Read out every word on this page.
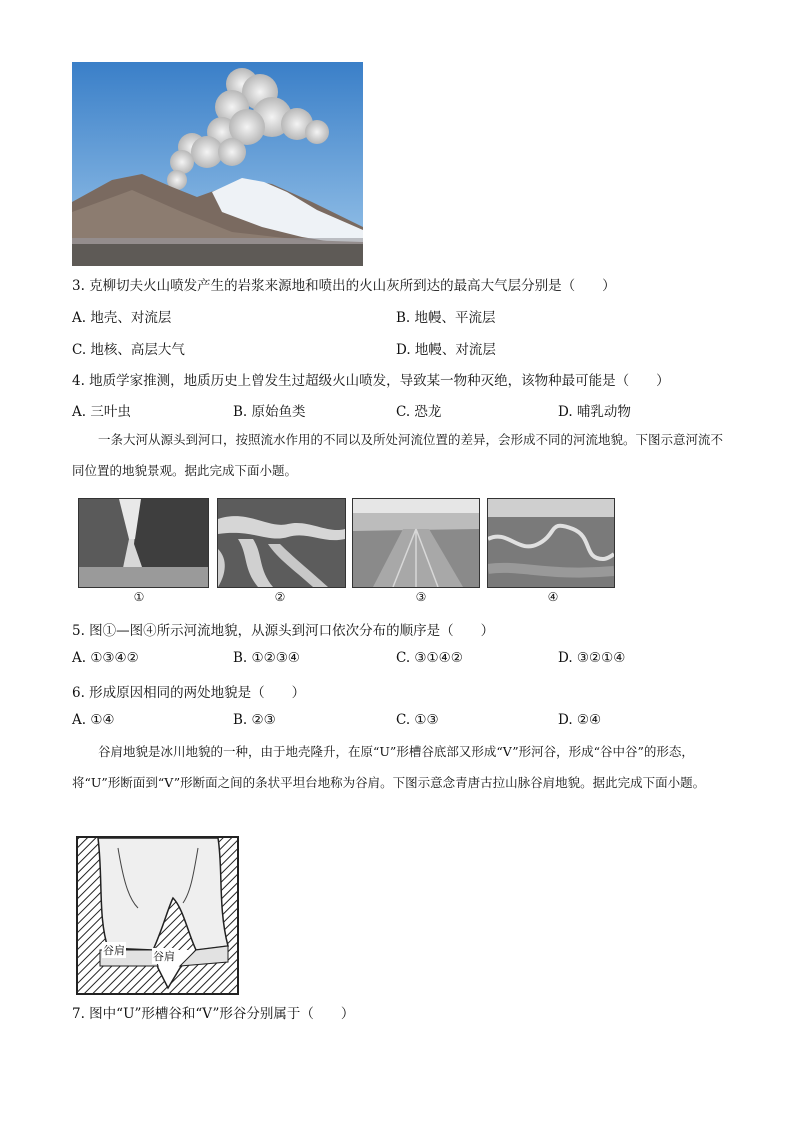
3. 克柳切夫火山喷发产生的岩浆来源地和喷出的火山灰所到达的最高大气层分别是（　　）
A. 地壳、对流层	B. 地幔、平流层
C. 地核、高层大气	D. 地幔、对流层
4. 地质学家推测，地质历史上曾发生过超级火山喷发，导致某一物种灭绝，该物种最可能是（　　）
A. 三叶虫	B. 原始鱼类	C. 恐龙	D. 哺乳动物
一条大河从源头到河口，按照流水作用的不同以及所处河流位置的差异，会形成不同的河流地貌。下图示意河流不同位置的地貌景观。据此完成下面小题。
①	②	③	④
5. 图①—图④所示河流地貌，从源头到河口依次分布的顺序是（　　）
A. ①③④②	B. ①②③④	C. ③①④②	D. ③②①④
6. 形成原因相同的两处地貌是（　　）
A. ①④	B. ②③	C. ①③	D. ②④
谷肩地貌是冰川地貌的一种，由于地壳隆升，在原“U”形槽谷底部又形成“V”形河谷，形成“谷中谷”的形态，将“U”形断面到“V”形断面之间的条状平坦台地称为谷肩。下图示意念青唐古拉山脉谷肩地貌。据此完成下面小题。
谷肩	谷肩
7. 图中“U”形槽谷和“V”形谷分别属于（　　）
